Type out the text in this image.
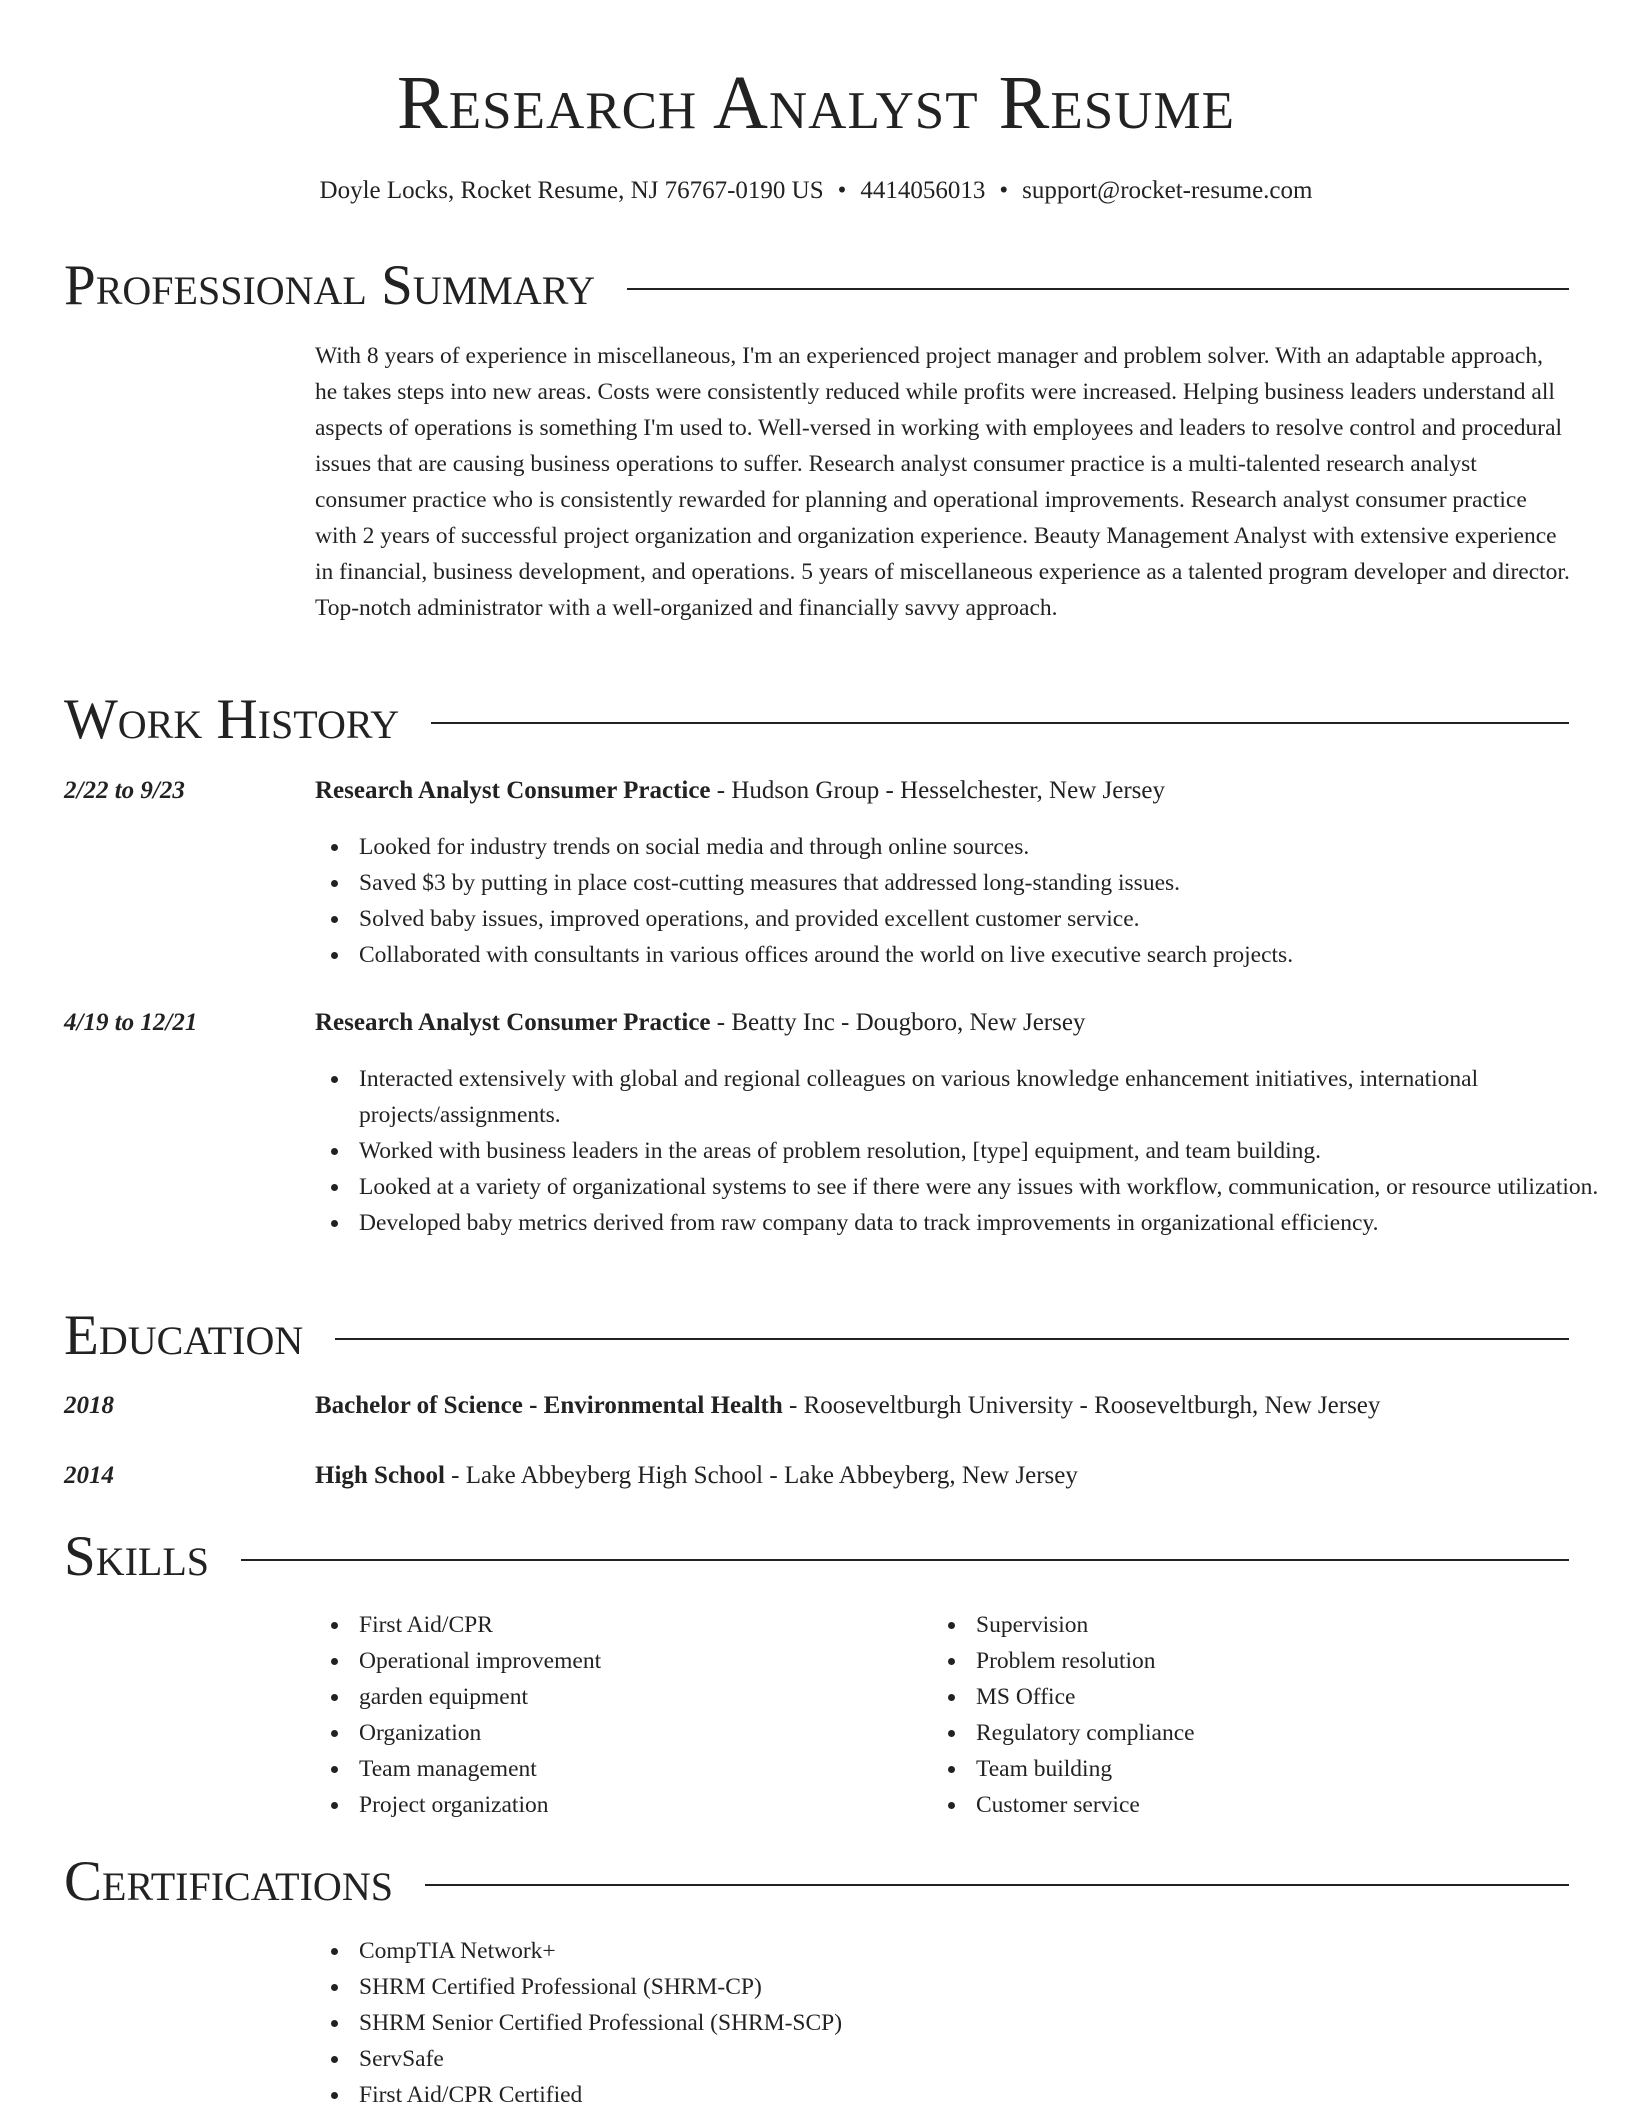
Research Analyst Resume
Doyle Locks, Rocket Resume, NJ 76767-0190 US • 4414056013 • support@rocket-resume.com
Professional Summary

With 8 years of experience in miscellaneous, I'm an experienced project manager and problem solver. With an adaptable approach, he takes steps into new areas. Costs were consistently reduced while profits were increased. Helping business leaders understand all aspects of operations is something I'm used to. Well-versed in working with employees and leaders to resolve control and procedural issues that are causing business operations to suffer. Research analyst consumer practice is a multi-talented research analyst consumer practice who is consistently rewarded for planning and operational improvements. Research analyst consumer practice with 2 years of successful project organization and organization experience. Beauty Management Analyst with extensive experience in financial, business development, and operations. 5 years of miscellaneous experience as a talented program developer and director. Top-notch administrator with a well-organized and financially savvy approach.

Work History
2/22 to 9/23	Research Analyst Consumer Practice - Hudson Group - Hesselchester, New Jersey
Looked for industry trends on social media and through online sources.
Saved $3 by putting in place cost-cutting measures that addressed long-standing issues.
Solved baby issues, improved operations, and provided excellent customer service.
Collaborated with consultants in various offices around the world on live executive search projects.
4/19 to 12/21	Research Analyst Consumer Practice - Beatty Inc - Dougboro, New Jersey
Interacted extensively with global and regional colleagues on various knowledge enhancement initiatives, international projects/assignments.
Worked with business leaders in the areas of problem resolution, [type] equipment, and team building.
Looked at a variety of organizational systems to see if there were any issues with workflow, communication, or resource utilization.
Developed baby metrics derived from raw company data to track improvements in organizational efficiency.
Education
2018	Bachelor of Science - Environmental Health - Rooseveltburgh University - Rooseveltburgh, New Jersey
2014	High School - Lake Abbeyberg High School - Lake Abbeyberg, New Jersey
Skills
First Aid/CPR
Operational improvement
garden equipment
Organization
Team management
Project organization
Supervision
Problem resolution
MS Office
Regulatory compliance
Team building
Customer service
Certifications
CompTIA Network+
SHRM Certified Professional (SHRM-CP)
SHRM Senior Certified Professional (SHRM-SCP)
ServSafe
First Aid/CPR Certified
